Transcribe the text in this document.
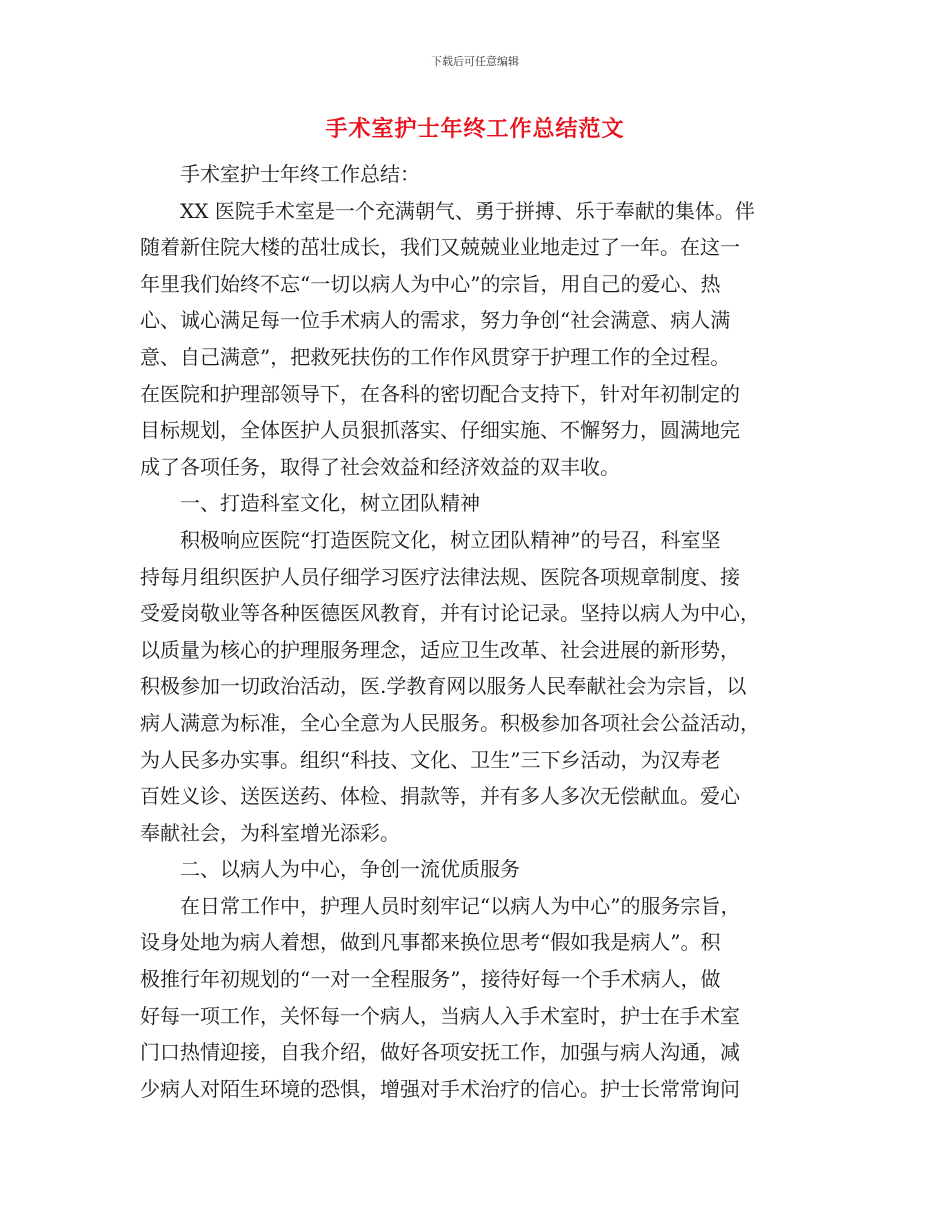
下载后可任意编辑
手术室护士年终工作总结范文

手术室护士年终工作总结：

XX 医院手术室是一个充满朝气、勇于拼搏、乐于奉献的集体。伴
随着新住院大楼的茁壮成长，我们又兢兢业业地走过了一年。在这一
年里我们始终不忘“一切以病人为中心”的宗旨，用自己的爱心、热
心、诚心满足每一位手术病人的需求，努力争创“社会满意、病人满
意、自己满意”，把救死扶伤的工作作风贯穿于护理工作的全过程。
在医院和护理部领导下，在各科的密切配合支持下，针对年初制定的
目标规划，全体医护人员狠抓落实、仔细实施、不懈努力，圆满地完
成了各项任务，取得了社会效益和经济效益的双丰收。

一、打造科室文化，树立团队精神

积极响应医院“打造医院文化，树立团队精神”的号召，科室坚
持每月组织医护人员仔细学习医疗法律法规、医院各项规章制度、接
受爱岗敬业等各种医德医风教育，并有讨论记录。坚持以病人为中心，
以质量为核心的护理服务理念，适应卫生改革、社会进展的新形势，
积极参加一切政治活动，医.学教育网以服务人民奉献社会为宗旨，以
病人满意为标准，全心全意为人民服务。积极参加各项社会公益活动，
为人民多办实事。组织“科技、文化、卫生”三下乡活动，为汉寿老
百姓义诊、送医送药、体检、捐款等，并有多人多次无偿献血。爱心
奉献社会，为科室增光添彩。

二、以病人为中心，争创一流优质服务

在日常工作中，护理人员时刻牢记“以病人为中心”的服务宗旨，
设身处地为病人着想，做到凡事都来换位思考“假如我是病人”。积
极推行年初规划的“一对一全程服务”，接待好每一个手术病人，做
好每一项工作，关怀每一个病人，当病人入手术室时，护士在手术室
门口热情迎接，自我介绍，做好各项安抚工作，加强与病人沟通，减
少病人对陌生环境的恐惧，增强对手术治疗的信心。护士长常常询问
